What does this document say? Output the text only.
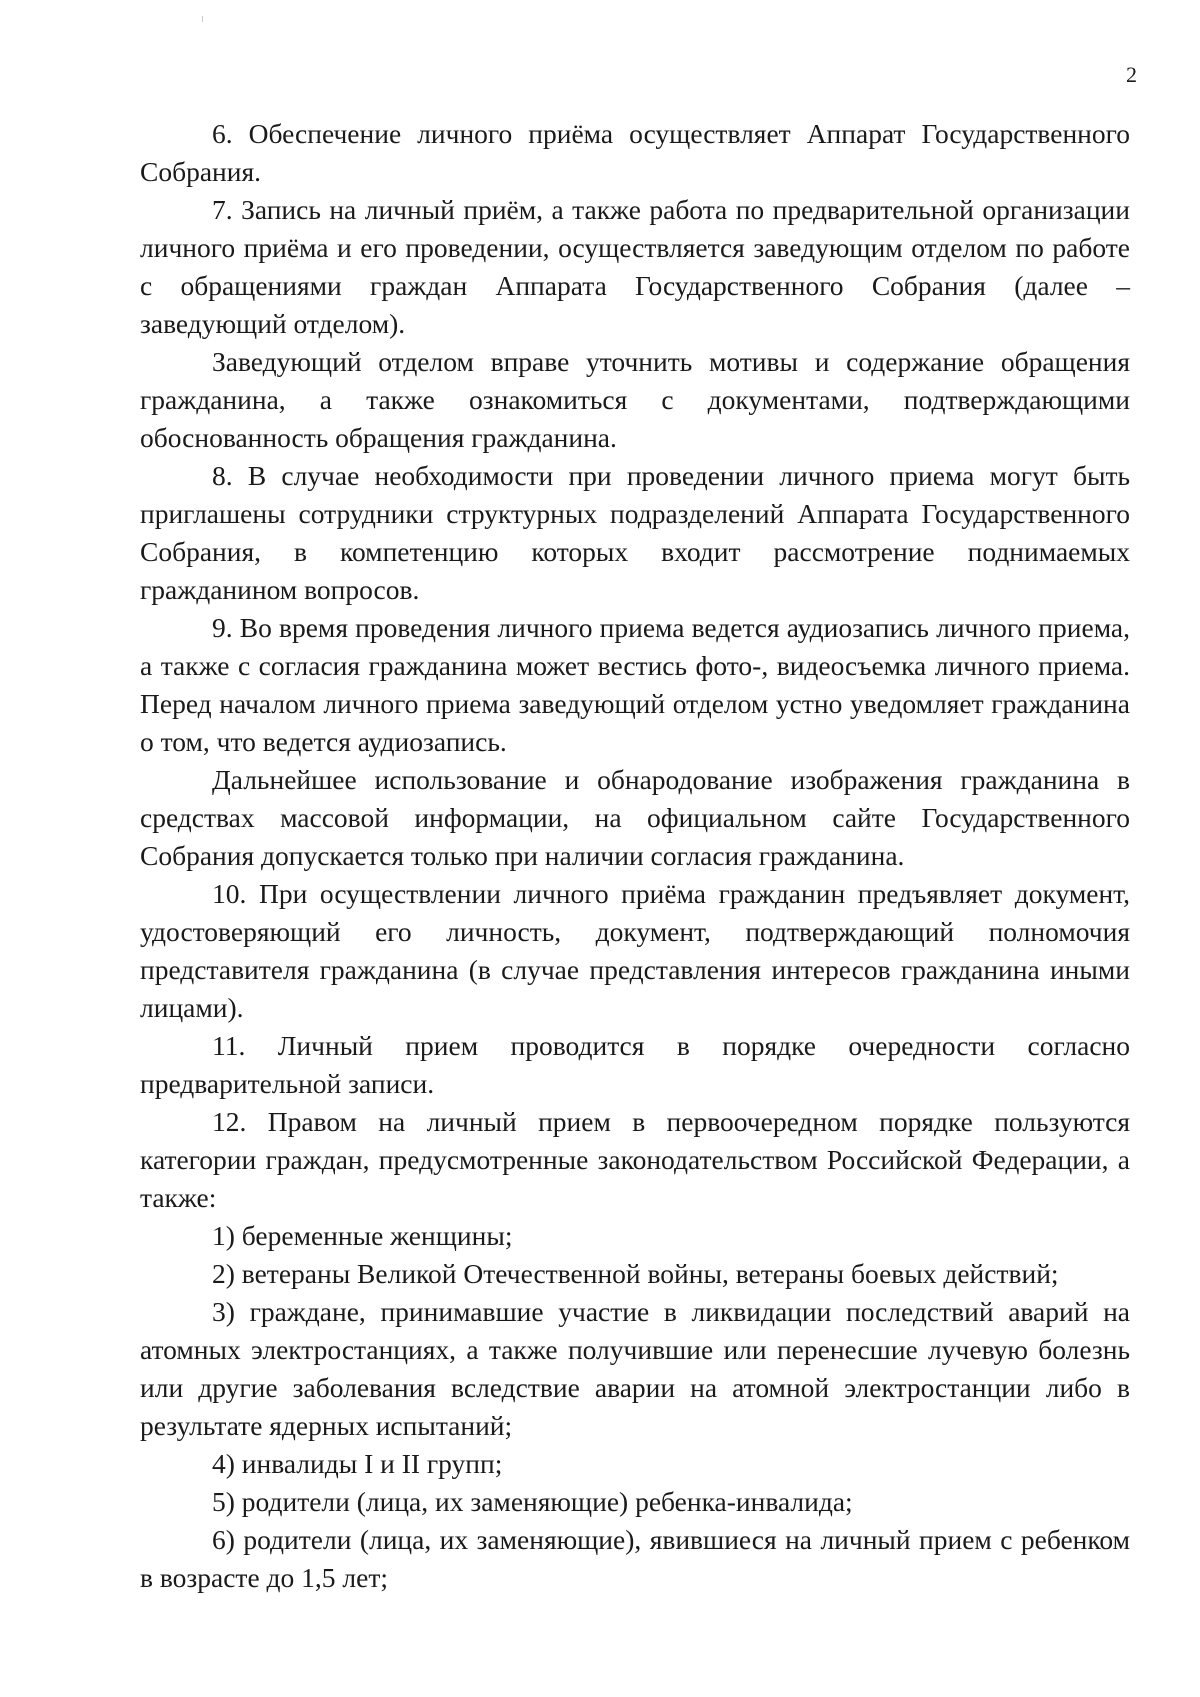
2

6. Обеспечение личного приёма осуществляет Аппарат Государственного Собрания.

7. Запись на личный приём, а также работа по предварительной организации личного приёма и его проведении, осуществляется заведующим отделом по работе с обращениями граждан Аппарата Государственного Собрания (далее – заведующий отделом).

Заведующий отделом вправе уточнить мотивы и содержание обращения гражданина, а также ознакомиться с документами, подтверждающими обоснованность обращения гражданина.

8. В случае необходимости при проведении личного приема могут быть приглашены сотрудники структурных подразделений Аппарата Государственного Собрания, в компетенцию которых входит рассмотрение поднимаемых гражданином вопросов.

9. Во время проведения личного приема ведется аудиозапись личного приема, а также с согласия гражданина может вестись фото-, видеосъемка личного приема. Перед началом личного приема заведующий отделом устно уведомляет гражданина о том, что ведется аудиозапись.

Дальнейшее использование и обнародование изображения гражданина в средствах массовой информации, на официальном сайте Государственного Собрания допускается только при наличии согласия гражданина.

10. При осуществлении личного приёма гражданин предъявляет документ, удостоверяющий его личность, документ, подтверждающий полномочия представителя гражданина (в случае представления интересов гражданина иными лицами).

11. Личный прием проводится в порядке очередности согласно предварительной записи.

12. Правом на личный прием в первоочередном порядке пользуются категории граждан, предусмотренные законодательством Российской Федерации, а также:

1) беременные женщины;

2) ветераны Великой Отечественной войны, ветераны боевых действий;

3) граждане, принимавшие участие в ликвидации последствий аварий на атомных электростанциях, а также получившие или перенесшие лучевую болезнь или другие заболевания вследствие аварии на атомной электростанции либо в результате ядерных испытаний;

4) инвалиды I и II групп;

5) родители (лица, их заменяющие) ребенка-инвалида;

6) родители (лица, их заменяющие), явившиеся на личный прием с ребенком в возрасте до 1,5 лет;
